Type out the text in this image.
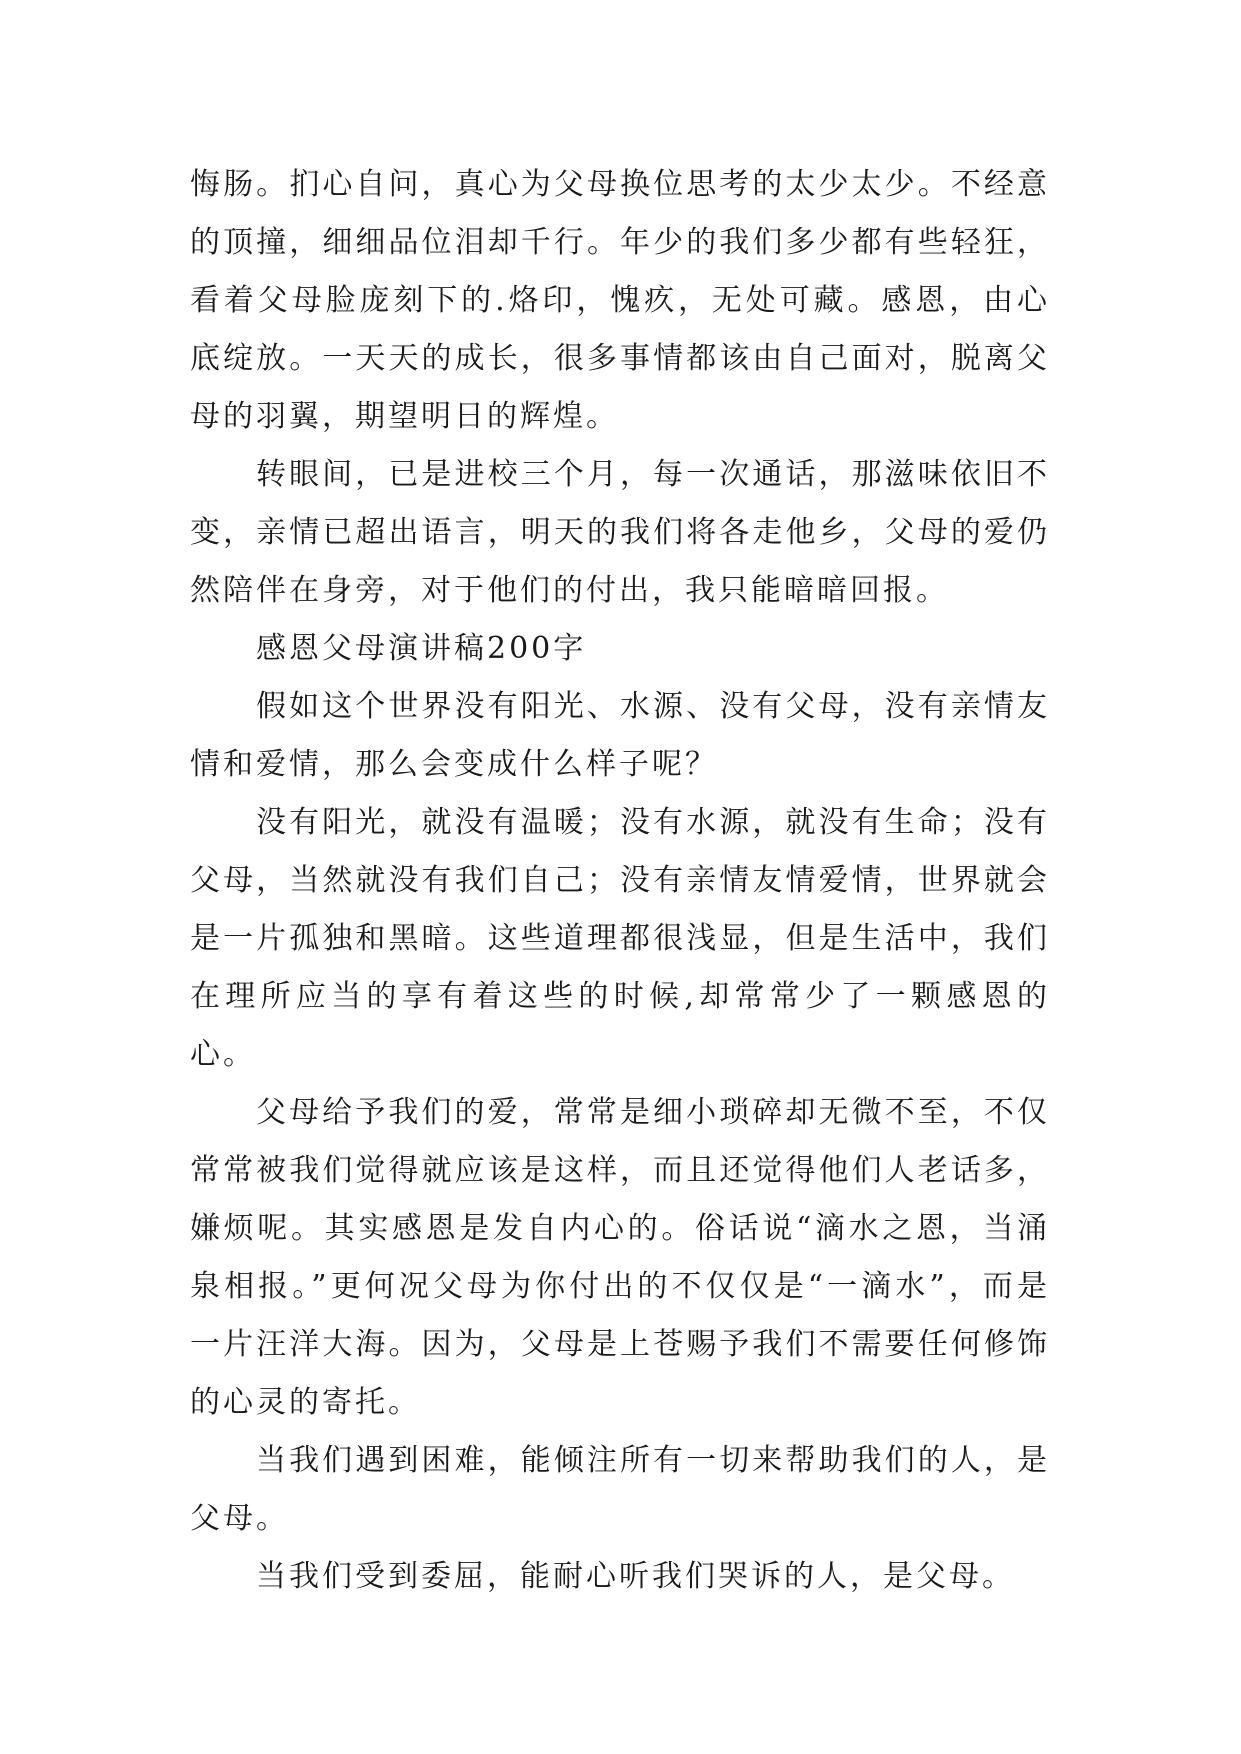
悔肠。扪心自问，真心为父母换位思考的太少太少。不经意的顶撞，细细品位泪却千行。年少的我们多少都有些轻狂，看着父母脸庞刻下的.烙印，愧疚，无处可藏。感恩，由心底绽放。一天天的成长，很多事情都该由自己面对，脱离父母的羽翼，期望明日的辉煌。

转眼间，已是进校三个月，每一次通话，那滋味依旧不变，亲情已超出语言，明天的我们将各走他乡，父母的爱仍然陪伴在身旁，对于他们的付出，我只能暗暗回报。

感恩父母演讲稿200字

假如这个世界没有阳光、水源、没有父母，没有亲情友情和爱情，那么会变成什么样子呢？

没有阳光，就没有温暖；没有水源，就没有生命；没有父母，当然就没有我们自己；没有亲情友情爱情，世界就会是一片孤独和黑暗。这些道理都很浅显，但是生活中，我们在理所应当的享有着这些的时候,却常常少了一颗感恩的心。

父母给予我们的爱，常常是细小琐碎却无微不至，不仅常常被我们觉得就应该是这样，而且还觉得他们人老话多，嫌烦呢。其实感恩是发自内心的。俗话说“滴水之恩，当涌泉相报。”更何况父母为你付出的不仅仅是“一滴水”，而是一片汪洋大海。因为，父母是上苍赐予我们不需要任何修饰的心灵的寄托。

当我们遇到困难，能倾注所有一切来帮助我们的人，是父母。

当我们受到委屈，能耐心听我们哭诉的人，是父母。
